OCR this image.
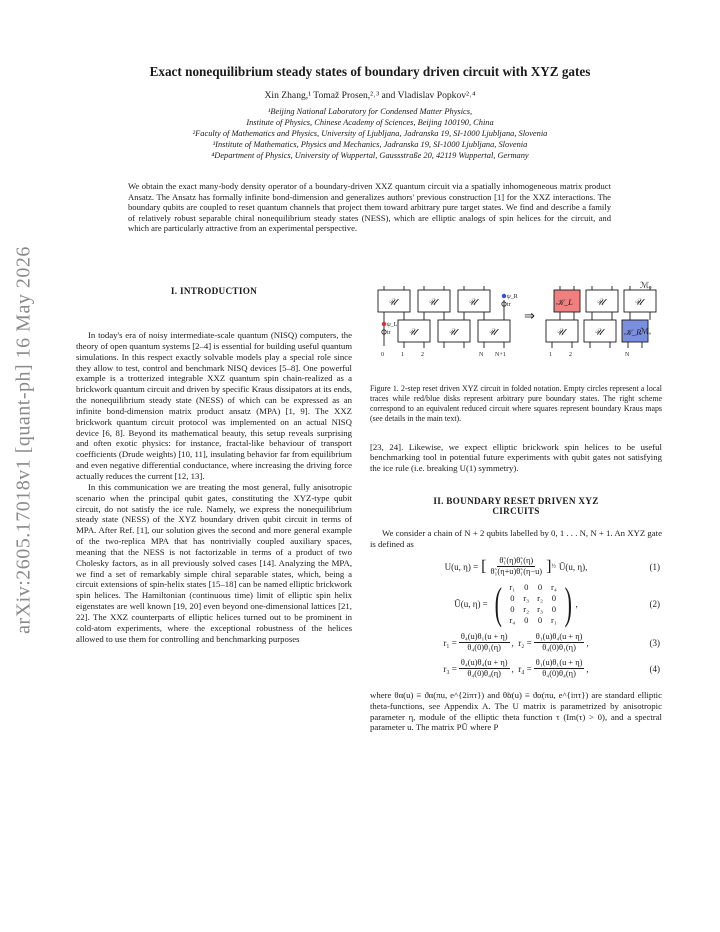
arXiv:2605.17018v1 [quant-ph] 16 May 2026
Exact nonequilibrium steady states of boundary driven circuit with XYZ gates
Xin Zhang,¹ Tomaž Prosen,²˒³ and Vladislav Popkov²˒⁴
¹Beijing National Laboratory for Condensed Matter Physics,
Institute of Physics, Chinese Academy of Sciences, Beijing 100190, China
²Faculty of Mathematics and Physics, University of Ljubljana, Jadranska 19, SI-1000 Ljubljana, Slovenia
³Institute of Mathematics, Physics and Mechanics, Jadranska 19, SI-1000 Ljubljana, Slovenia
⁴Department of Physics, University of Wuppertal, Gaussstraße 20, 42119 Wuppertal, Germany
We obtain the exact many-body density operator of a boundary-driven XXZ quantum circuit via a spatially inhomogeneous matrix product Ansatz. The Ansatz has formally infinite bond-dimension and generalizes authors' previous construction [1] for the XXZ interactions. The boundary qubits are coupled to reset quantum channels that project them toward arbitrary pure target states. We find and describe a family of relatively robust separable chiral nonequilibrium steady states (NESS), which are elliptic analogs of spin helices for the circuit, and which are particularly attractive from an experimental perspective.
I. INTRODUCTION

In today's era of noisy intermediate-scale quantum (NISQ) computers, the theory of open quantum systems [2–4] is essential for building useful quantum simulations. In this respect exactly solvable models play a special role since they allow to test, control and benchmark NISQ devices [5–8]. One powerful example is a trotterized integrable XXZ quantum spin chain-realized as a brickwork quantum circuit and driven by specific Kraus dissipators at its ends, the nonequilibrium steady state (NESS) of which can be expressed as an infinite bond-dimension matrix product ansatz (MPA) [1, 9]. The XXZ brickwork quantum circuit protocol was implemented on an actual NISQ device [6, 8]. Beyond its mathematical beauty, this setup reveals surprising and often exotic physics: for instance, fractal-like behaviour of transport coefficients (Drude weights) [10, 11], insulating behavior far from equilibrium and even negative differential conductance, where increasing the driving force actually reduces the current [12, 13].

In this communication we are treating the most general, fully anisotropic scenario when the principal qubit gates, constituting the XYZ-type qubit circuit, do not satisfy the ice rule. Namely, we express the nonequilibrium steady state (NESS) of the XYZ boundary driven qubit circuit in terms of MPA. After Ref. [1], our solution gives the second and more general example of the two-replica MPA that has nontrivially coupled auxiliary spaces, meaning that the NESS is not factorizable in terms of a product of two Cholesky factors, as in all previously solved cases [14]. Analyzing the MPA, we find a set of remarkably simple chiral separable states, which, being a circuit extensions of spin-helix states [15–18] can be named elliptic brickwork spin helices. The Hamiltonian (continuous time) limit of elliptic spin helix eigenstates are well known [19, 20] even beyond one-dimensional lattices [21, 22]. The XXZ counterparts of elliptic helices turned out to be prominent in cold-atom experiments, where the exceptional robustness of the helices allowed to use them for controlling and benchmarking purposes

𝒰	𝒰	𝒰
𝒰	𝒰	𝒰
𝒦_L 𝒰	𝒰
𝒰	𝒰	𝒦_R
⇒
ℳₒ
ℳₑ
ψ_L
tr
ψ_R
tr
0	1	2	N N+1	1	2	N

Figure 1. 2-step reset driven XYZ circuit in folded notation. Empty circles represent a local traces while red/blue disks represent arbitrary pure boundary states. The right scheme correspond to an equivalent reduced circuit where squares represent boundary Kraus maps (see details in the main text).

[23, 24]. Likewise, we expect elliptic brickwork spin helices to be useful benchmarking tool in potential future experiments with qubit gates not satisfying the ice rule (i.e. breaking U(1) symmetry).

II. BOUNDARY RESET DRIVEN XYZ CIRCUITS

We consider a chain of N + 2 qubits labelled by 0, 1 . . . N, N + 1. An XYZ gate is defined as

U(u, η) = [ $\frac{\text{θ̃₁(η)θ̃₁(η)}}{\text{θ̃₁(η+u)θ̃₁(η−u)}}$ ] ½ Ũ(u, η),	(1)
Ũ(u, η) = ( r₁	0	0	r₄
0	r₃	r₂	0
0	r₂	r₃	0
r₄	0	0	r₁ ) ,	(2)
$r_1 = \frac{\text{θ₄(u)θ₁(u + η)}}{\text{θ₄(0)θ₁(η)}}$ , $r_2 = \frac{\text{θ₁(u)θ₄(u + η)}}{\text{θ₄(0)θ₁(η)}}$ ,	(3)
$r_3 = \frac{\text{θ₄(u)θ₄(u + η)}}{\text{θ₄(0)θ₄(η)}}$ , $r_4 = \frac{\text{θ₁(u)θ₁(u + η)}}{\text{θ₄(0)θ₄(η)}}$ ,	(4)

where θα(u) ≡ ϑα(πu, e^{2iπτ}) and θ̃α(u) ≡ ϑα(πu, e^{iπτ}) are standard elliptic theta-functions, see Appendix A. The U matrix is parametrized by anisotropic parameter η, module of the elliptic theta function τ (Im(τ) > 0), and a spectral parameter u. The matrix PŨ where P
